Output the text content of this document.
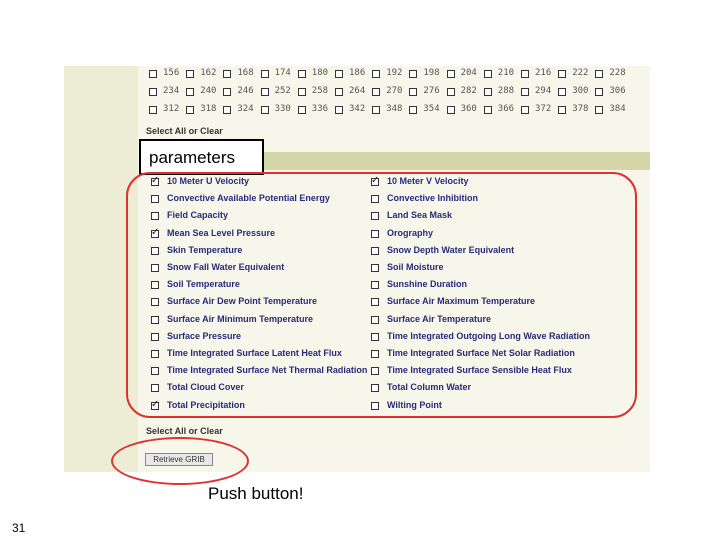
156 162 168 174 180 186 192 198 204 210 216 222 228
234 240 246 252 258 264 270 276 282 288 294 300 306
312 318 324 330 336 342 348 354 360 366 372 378 384
Select All or Clear
✓
10 Meter U Velocity
Convective Available Potential Energy
Field Capacity
✓
Mean Sea Level Pressure
Skin Temperature
Snow Fall Water Equivalent
Soil Temperature
Surface Air Dew Point Temperature
Surface Air Minimum Temperature
Surface Pressure
Time Integrated Surface Latent Heat Flux
Time Integrated Surface Net Thermal Radiation
Total Cloud Cover
✓
Total Precipitation
✓
10 Meter V Velocity
Convective Inhibition
Land Sea Mask
Orography
Snow Depth Water Equivalent
Soil Moisture
Sunshine Duration
Surface Air Maximum Temperature
Surface Air Temperature
Time Integrated Outgoing Long Wave Radiation
Time Integrated Surface Net Solar Radiation
Time Integrated Surface Sensible Heat Flux
Total Column Water
Wilting Point
Select All or Clear
parameters
Retrieve GRIB
Push button!
31
